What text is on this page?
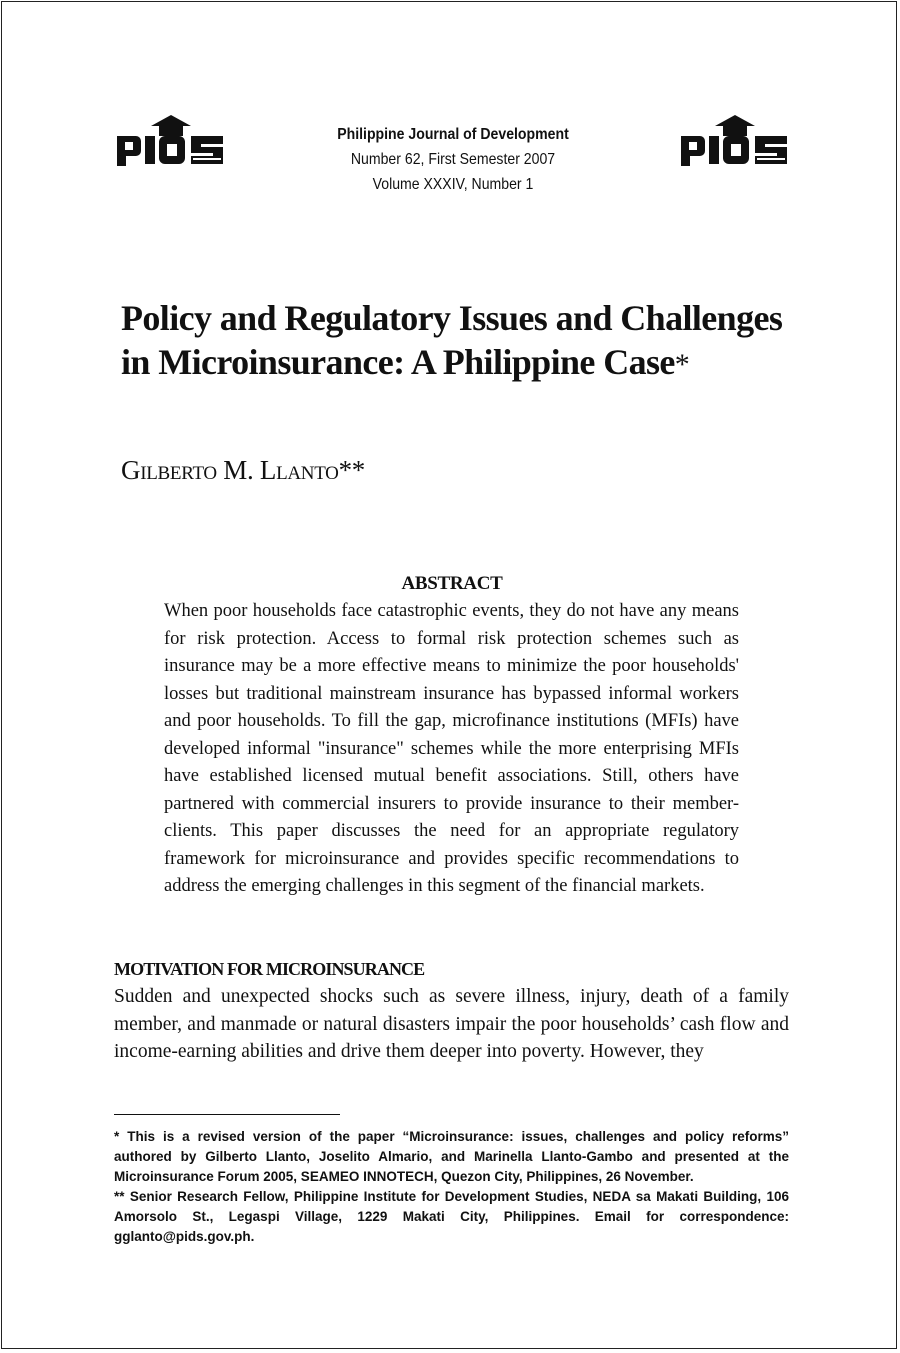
Philippine Journal of Development
Number 62, First Semester 2007
Volume XXXIV, Number 1
Policy and Regulatory Issues and Challenges
in Microinsurance: A Philippine Case*
Gilberto M. Llanto**
ABSTRACT

When poor households face catastrophic events, they do not have any means for risk protection. Access to formal risk protection schemes such as insurance may be a more effective means to minimize the poor households' losses but traditional mainstream insurance has bypassed informal workers and poor households. To fill the gap, microfinance institutions (MFIs) have developed informal "insurance" schemes while the more enterprising MFIs have established licensed mutual benefit associations. Still, others have partnered with commercial insurers to provide insurance to their member-clients. This paper discusses the need for an appropriate regulatory framework for microinsurance and provides specific recommendations to address the emerging challenges in this segment of the financial markets.

MOTIVATION FOR MICROINSURANCE

Sudden and unexpected shocks such as severe illness, injury, death of a family member, and manmade or natural disasters impair the poor households’ cash flow and income-earning abilities and drive them deeper into poverty. However, they

* This is a revised version of the paper “Microinsurance: issues, challenges and policy reforms” authored by Gilberto Llanto, Joselito Almario, and Marinella Llanto-Gambo and presented at the Microinsurance Forum 2005, SEAMEO INNOTECH, Quezon City, Philippines, 26 November.

** Senior Research Fellow, Philippine Institute for Development Studies, NEDA sa Makati Building, 106 Amorsolo St., Legaspi Village, 1229 Makati City, Philippines. Email for correspondence: gglanto@pids.gov.ph.
